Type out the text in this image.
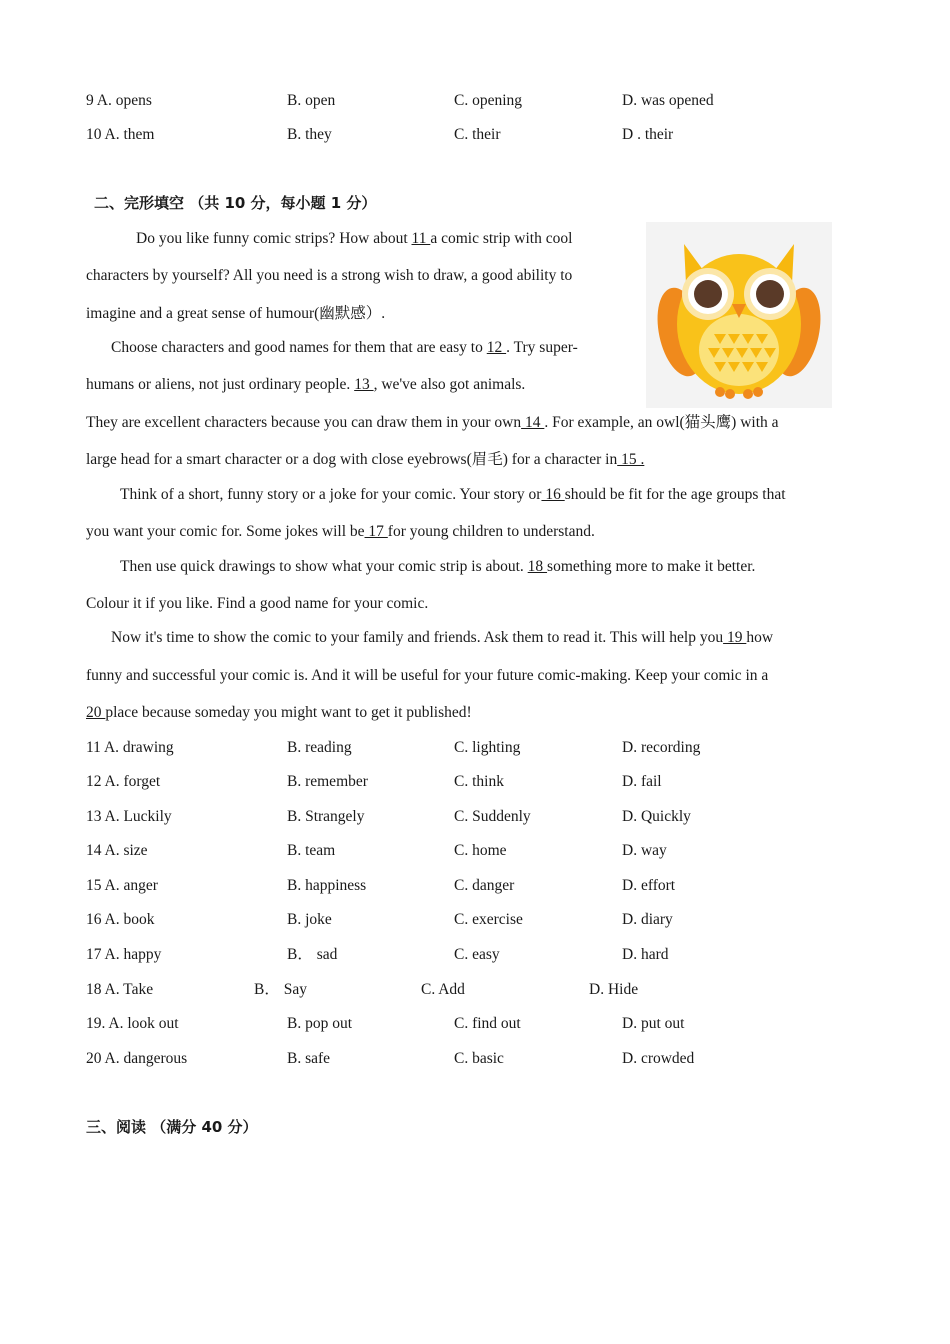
9 A. opens	B. open	C. opening	D. was opened
10 A. them	B. they	C. their	D . their
二、完形填空 （共 10 分，每小题 1 分）
Do you like funny comic strips? How about 11 a comic strip with cool
characters by yourself? All you need is a strong wish to draw, a good ability to
imagine and a great sense of humour(幽默感）.
Choose characters and good names for them that are easy to 12 . Try super-
humans or aliens, not just ordinary people. 13 , we've also got animals.
They are excellent characters because you can draw them in your own 14 . For example, an owl(猫头鹰) with a
large head for a smart character or a dog with close eyebrows(眉毛) for a character in 15 .
Think of a short, funny story or a joke for your comic. Your story or 16 should be fit for the age groups that
you want your comic for. Some jokes will be 17 for young children to understand.
Then use quick drawings to show what your comic strip is about. 18 something more to make it better.
Colour it if you like. Find a good name for your comic.
Now it's time to show the comic to your family and friends. Ask them to read it. This will help you 19 how
funny and successful your comic is. And it will be useful for your future comic-making. Keep your comic in a
20 place because someday you might want to get it published!
11 A. drawing	B. reading	C. lighting	D. recording
12 A. forget	B. remember	C. think	D. fail
13 A. Luckily	B. Strangely	C. Suddenly	D. Quickly
14 A. size	B. team	C. home	D. way
15 A. anger	B. happiness	C. danger	D. effort
16 A. book	B. joke	C. exercise	D. diary
17 A. happy	B． sad	C. easy	D. hard
18 A. Take	B． Say	C. Add	D. Hide
19. A. look out	B. pop out	C. find out	D. put out
20 A. dangerous	B. safe	C. basic	D. crowded
三、阅读 （满分 40 分）
